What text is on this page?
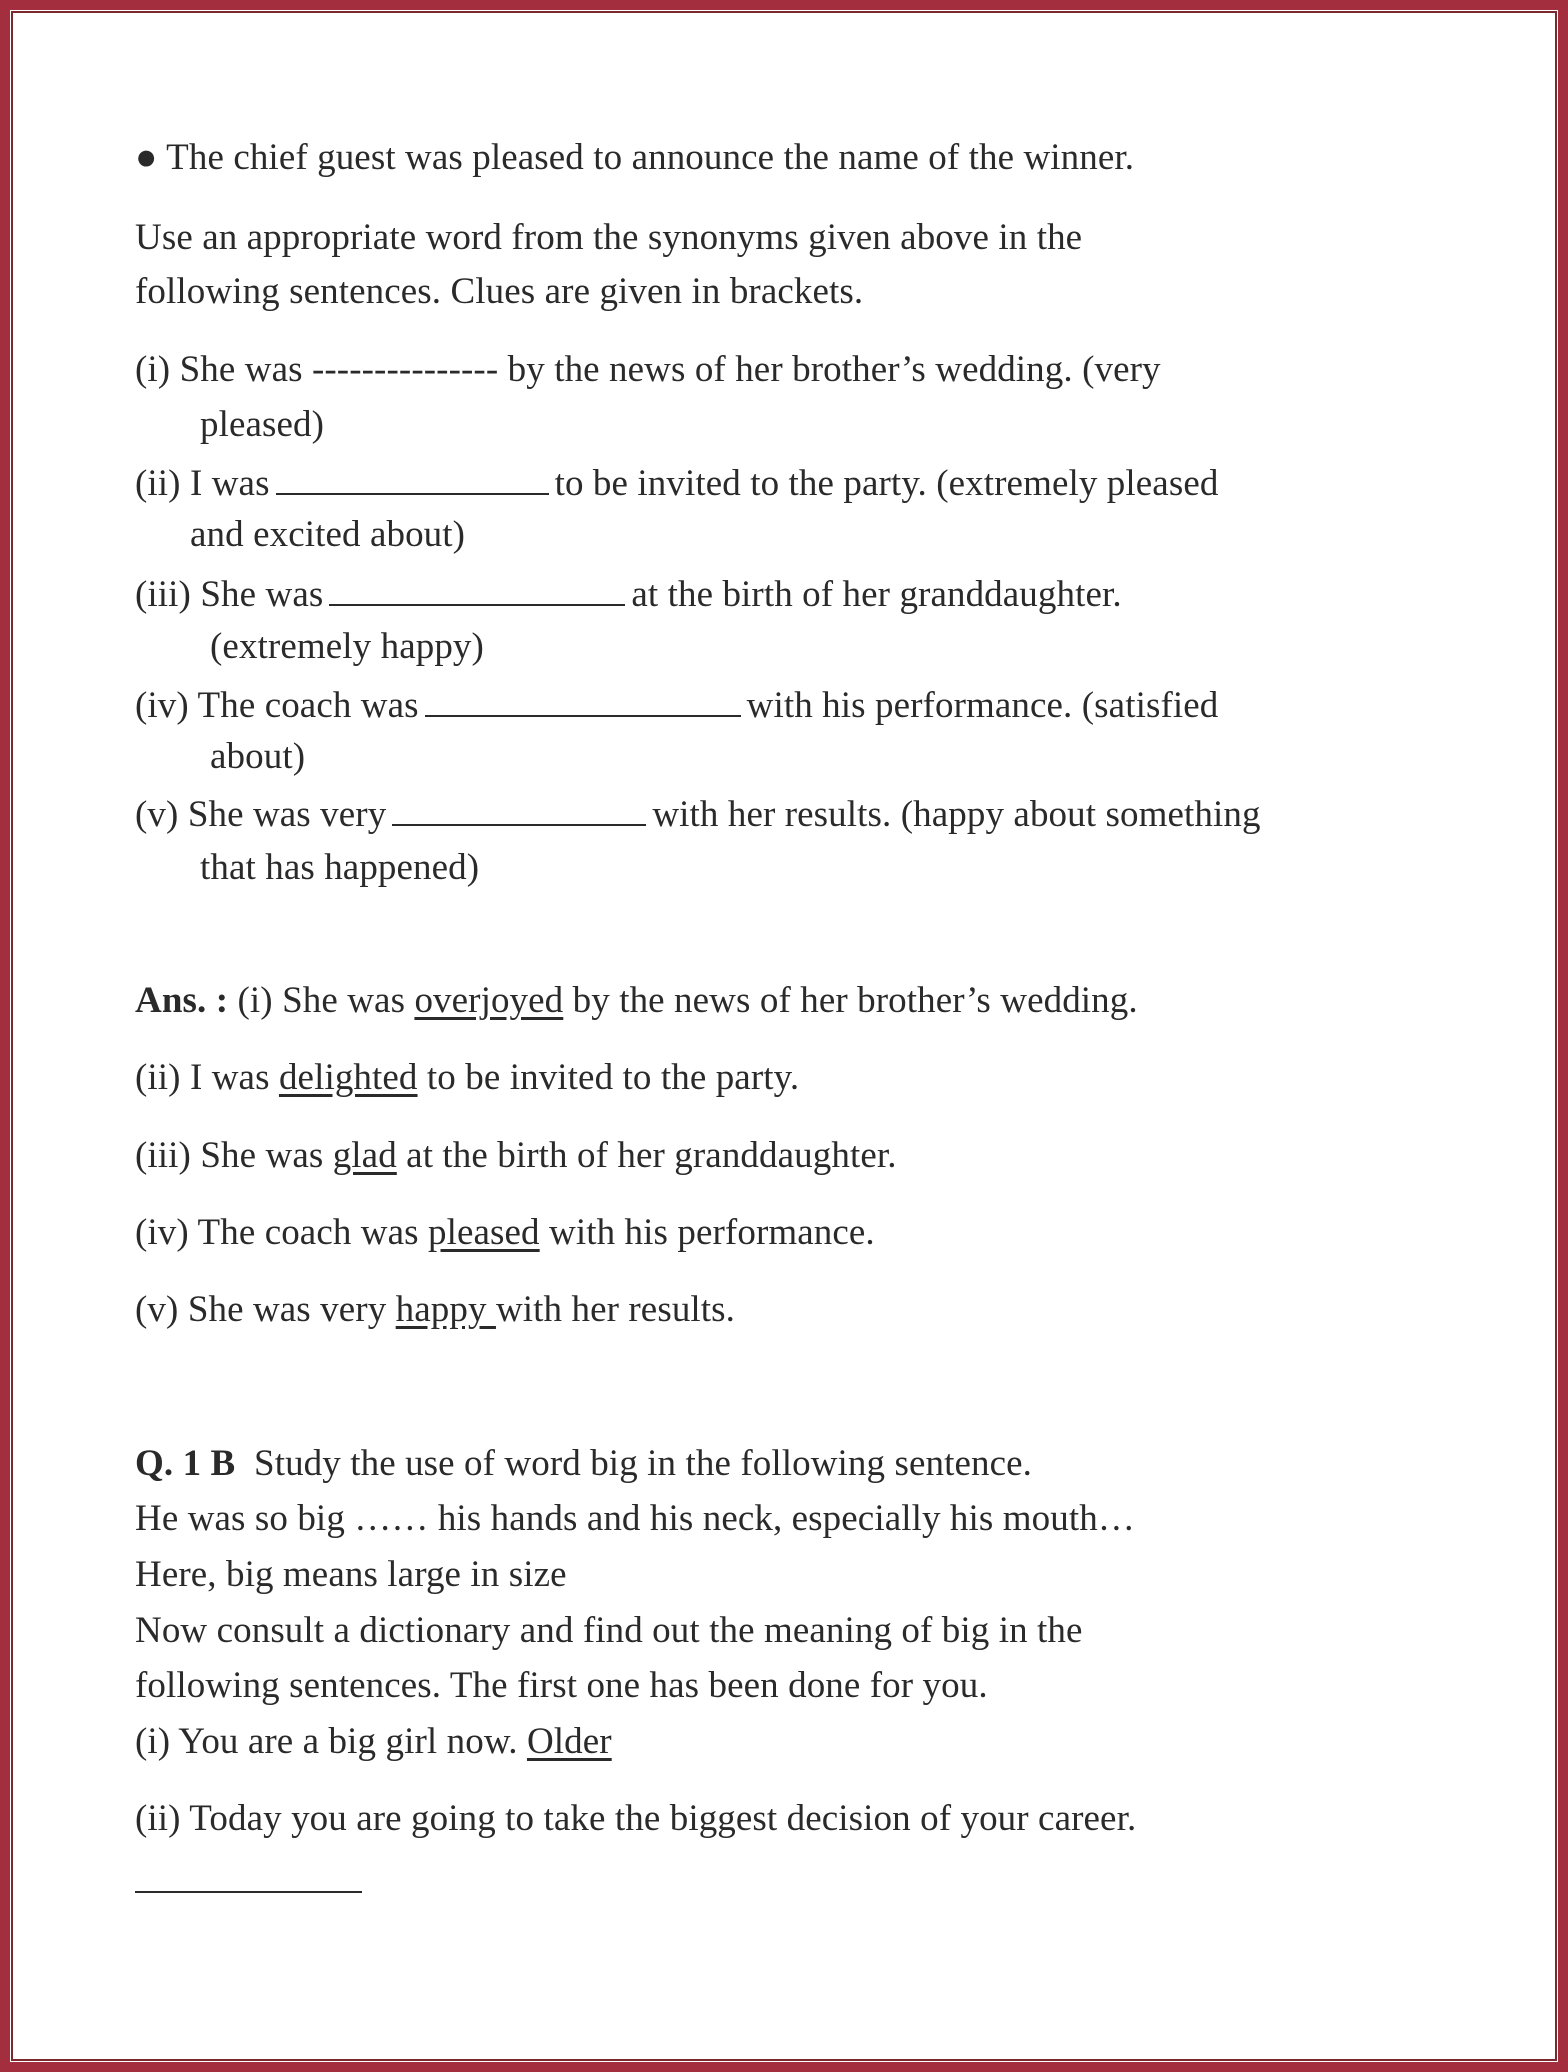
● The chief guest was pleased to announce the name of the winner.
Use an appropriate word from the synonyms given above in the
following sentences. Clues are given in brackets.
(i) She was --------------- by the news of her brother’s wedding. (very
pleased)
(ii) I was	to be invited to the party. (extremely pleased
and excited about)
(iii) She was	at the birth of her granddaughter.
(extremely happy)
(iv) The coach was	with his performance. (satisfied
about)
(v) She was very	with her results. (happy about something
that has happened)
Ans. : (i) She was overjoyed by the news of her brother’s wedding.
(ii) I was delighted to be invited to the party.
(iii) She was glad at the birth of her granddaughter.
(iv) The coach was pleased with his performance.
(v) She was very happy with her results.
Q. 1 B Study the use of word big in the following sentence.
He was so big …… his hands and his neck, especially his mouth…
Here, big means large in size
Now consult a dictionary and find out the meaning of big in the
following sentences. The first one has been done for you.
(i) You are a big girl now. Older
(ii) Today you are going to take the biggest decision of your career.
